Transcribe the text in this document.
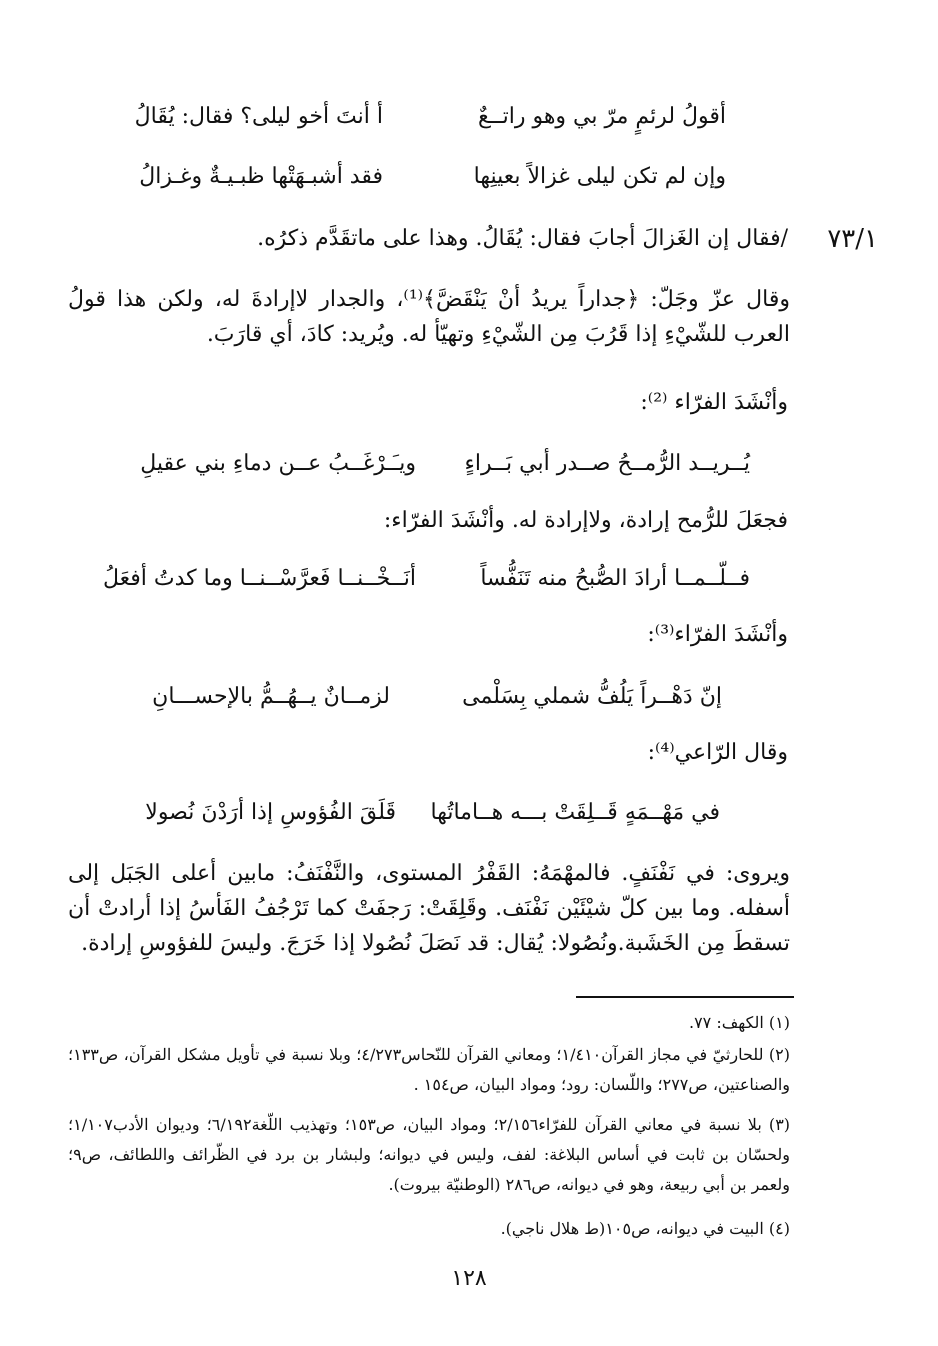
أقولُ لرئمٍ مرّ بي وهو راتــعٌ
أ أنتَ أخو ليلى؟ فقال: يُقَالُ
وإن لم تكن ليلى غزالاً بعينِها
فقد أشبـهَتْها ظبـيـةٌ وغـزالُ
٧٣/١
/فقال إن الغَزالَ أجابَ فقال: يُقَالُ. وهذا على ماتقَدَّم ذكرُه.
وقال عزّ وجَلّ: ﴿جداراً يريدُ أنْ يَنْقَضَّ﴾⁽¹⁾، والجدار لاإرادةَ له، ولكن هذا قولُ العرب للشّيْءِ إذا قَرُبَ مِن الشّيْءِ وتهيّأ له. ويُريد: كادَ، أي قارَبَ.
وأنْشَدَ الفرّاء ⁽²⁾:
يُــريــد الرُّمــحُ صــدر أبي بَــراءٍ
ويـَـرْغَــبُ عــن دماءِ بني عقيلِ
فجعَلَ للرُّمح إرادة، ولاإرادة له. وأنْشَدَ الفرّاء:
فــلّــمــا أرادَ الصُّبحُ منه تَنَفُّساً
أنَــخْــنــا فَعرَّسْــنــا وما كدتُ أفعَلُ
وأنْشَدَ الفرّاء⁽³⁾:
إنّ دَهْــراً يَلُفُّ شملي بِسَلْمى
لزمــانٌ يــهُــمُّ بالإحســـانِ
وقال الرّاعي⁽⁴⁾:
في مَهْــمَهٍ قَــلِقَتْ بـــه هــاماتُها
قَلَقَ الفُؤوسِ إذا أرَدْنَ نُصولا
ويروى: في نَفْنَفٍ. فالمهْمَهُ: القَفْرُ المستوى، والنَّفْنَفُ: مابين أعلى الجَبَل إلى أسفله. وما بين كلّ شيْئَيْن نَفْنَف. وقَلِقَتْ: رَجفَتْ كما تَرْجُفُ الفَأسُ إذا أرادتْ أن تسقطَ مِن الخَشَبة.ونُصُولا: يُقال: قد نَصَلَ نُصُولا إذا خَرَجَ. وليسَ للفؤوسِ إرادة.
(١) الكهف: ٧٧.
(٢) للحارثيّ في مجاز القرآن١/٤١٠؛ ومعاني القرآن للنّحاس٤/٢٧٣؛ وبلا نسبة في تأويل مشكل القرآن، ص١٣٣؛ والصناعتين، ص٢٧٧؛ واللّسان: رود؛ ومواد البيان، ص١٥٤ .
(٣) بلا نسبة في معاني القرآن للفرّاء٢/١٥٦؛ ومواد البيان، ص١٥٣؛ وتهذيب اللّغة٦/١٩٢؛ وديوان الأدب١/١٠٧؛ ولحسّان بن ثابت في أساس البلاغة: لفف، وليس في ديوانه؛ ولبشار بن برد في الظّرائف واللطائف، ص٩؛ ولعمر بن أبي ربيعة، وهو في ديوانه، ص٢٨٦ (الوطنيّة بيروت).
(٤) البيت في ديوانه، ص١٠٥(ط هلال ناجي).
١٢٨
